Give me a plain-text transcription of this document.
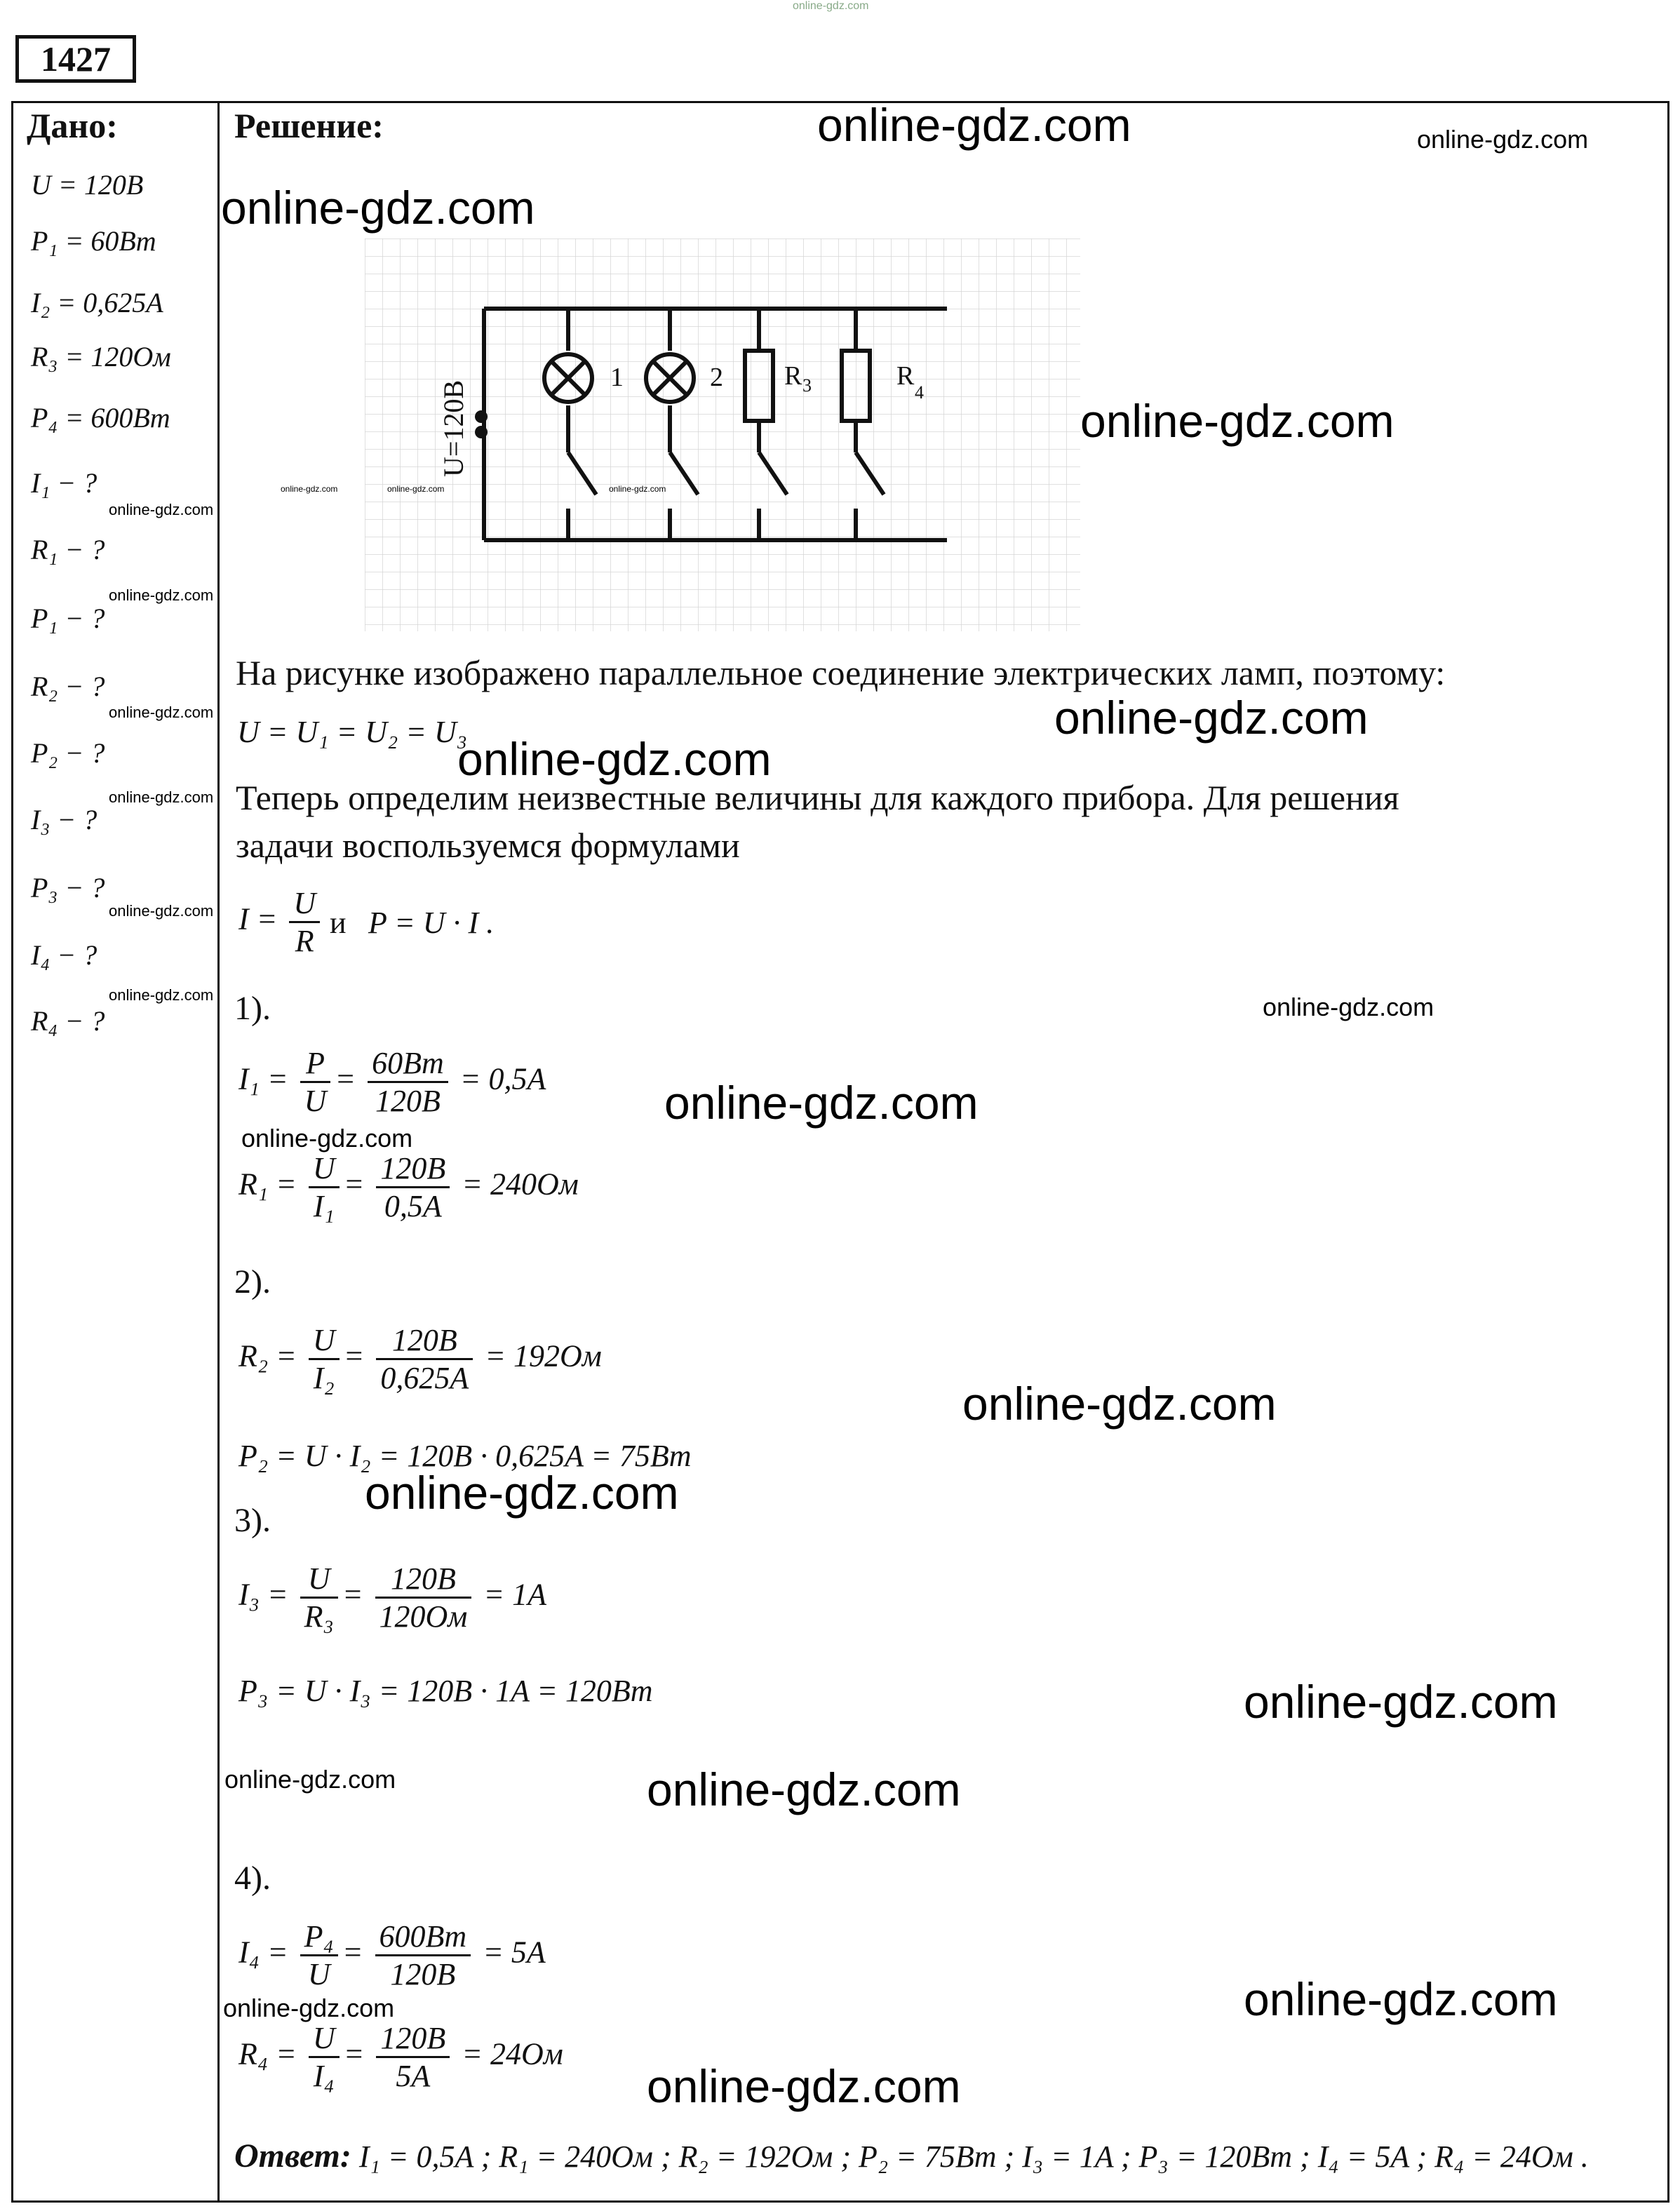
online-gdz.com
1427
Дано:
U = 120B
P₁ = 60Bm
I₂ = 0,625A
R₃ = 120Ом
P₄ = 600Bm
I₁ − ?
R₁ − ?
P₁ − ?
R₂ − ?
P₂ − ?
I₃ − ?
P₃ − ?
I₄ − ?
R₄ − ?
Решение:
U=120B
1	2 R 3	R
4
На рисунке изображено параллельное соединение электрических ламп, поэтому:
U = U₁ = U₂ = U₃
Теперь определим неизвестные величины для каждого прибора. Для решения
задачи воспользуемся формулами
$I = \frac{U}{R}$ и P = U · I .
1).
$I_1 = \frac{P}{U} = \frac{60Bm}{120B} = 0,5A$
$R_1 = \frac{U}{\text{I₁}} = \frac{120B}{0,5A} = 240Ом$
2).
$R_2 = \frac{U}{\text{I₂}} = \frac{120B}{0,625A} = 192Ом$
P₂ = U · I₂ = 120B · 0,625A = 75Bm
3).
$I_3 = \frac{U}{\text{R₃}} = \frac{120B}{120Ом} = 1A$
P₃ = U · I₃ = 120B · 1A = 120Bm
4).
$I_4 = \frac{\text{P₄}}{U} = \frac{600Bm}{120B} = 5A$
$R_4 = \frac{U}{\text{I₄}} = \frac{120B}{5A} = 24Ом$
Ответ: I₁ = 0,5A ; R₁ = 240Ом ; R₂ = 192Ом ; P₂ = 75Bm ; I₃ = 1A ; P₃ = 120Bm ; I₄ = 5A ; R₄ = 24Ом .
online-gdz.com	online-gdz.com
online-gdz.com
online-gdz.com
online-gdz.com	online-gdz.com	online-gdz.com
online-gdz.com
online-gdz.com
online-gdz.com
online-gdz.com
online-gdz.com
online-gdz.com
online-gdz.com
online-gdz.com
online-gdz.com
online-gdz.com
online-gdz.com
online-gdz.com
online-gdz.com
online-gdz.com
online-gdz.com	online-gdz.com
online-gdz.com
online-gdz.com
online-gdz.com
